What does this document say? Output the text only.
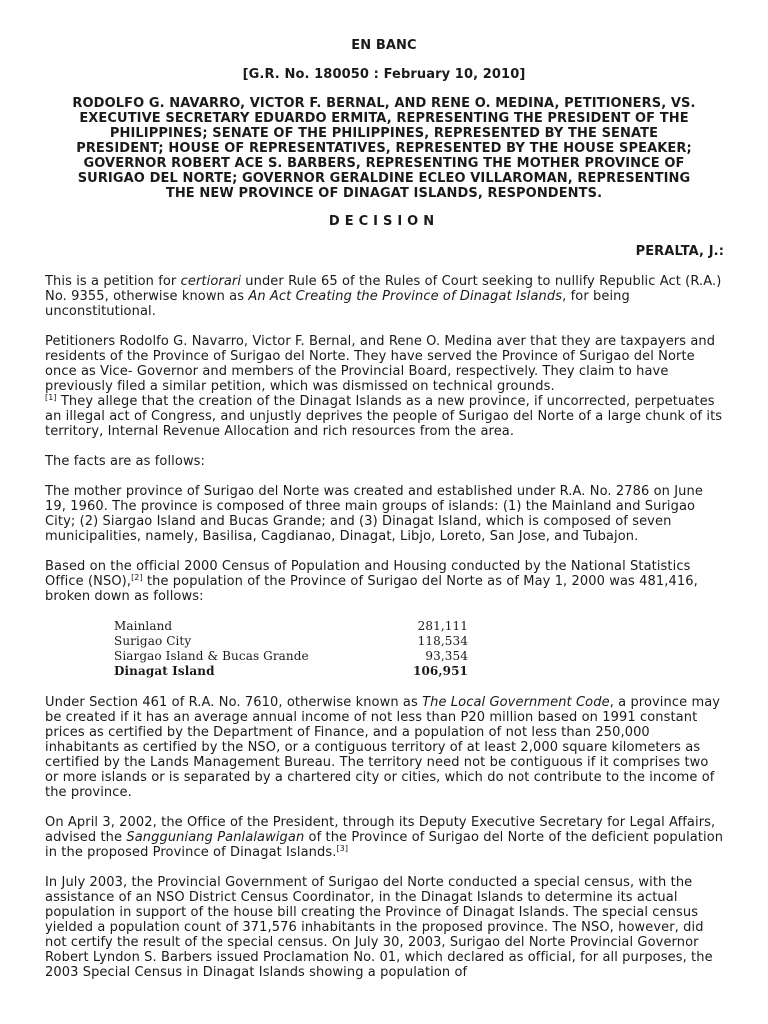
EN BANC
[G.R. No. 180050 : February 10, 2010]
RODOLFO G. NAVARRO, VICTOR F. BERNAL, AND RENE O. MEDINA, PETITIONERS, VS. EXECUTIVE SECRETARY EDUARDO ERMITA, REPRESENTING THE PRESIDENT OF THE PHILIPPINES; SENATE OF THE PHILIPPINES, REPRESENTED BY THE SENATE PRESIDENT; HOUSE OF REPRESENTATIVES, REPRESENTED BY THE HOUSE SPEAKER; GOVERNOR ROBERT ACE S. BARBERS, REPRESENTING THE MOTHER PROVINCE OF SURIGAO DEL NORTE; GOVERNOR GERALDINE ECLEO VILLAROMAN, REPRESENTING THE NEW PROVINCE OF DINAGAT ISLANDS, RESPONDENTS.
DECISION
PERALTA, J.:

This is a petition for certiorari under Rule 65 of the Rules of Court seeking to nullify Republic Act (R.A.) No. 9355, otherwise known as An Act Creating the Province of Dinagat Islands, for being unconstitutional.

Petitioners Rodolfo G. Navarro, Victor F. Bernal, and Rene O. Medina aver that they are taxpayers and residents of the Province of Surigao del Norte. They have served the Province of Surigao del Norte once as Vice- Governor and members of the Provincial Board, respectively. They claim to have previously filed a similar petition, which was dismissed on technical grounds.
[1] They allege that the creation of the Dinagat Islands as a new province, if uncorrected, perpetuates an illegal act of Congress, and unjustly deprives the people of Surigao del Norte of a large chunk of its territory, Internal Revenue Allocation and rich resources from the area.

The facts are as follows:

The mother province of Surigao del Norte was created and established under R.A. No. 2786 on June 19, 1960. The province is composed of three main groups of islands: (1) the Mainland and Surigao City; (2) Siargao Island and Bucas Grande; and (3) Dinagat Island, which is composed of seven municipalities, namely, Basilisa, Cagdianao, Dinagat, Libjo, Loreto, San Jose, and Tubajon.

Based on the official 2000 Census of Population and Housing conducted by the National Statistics Office (NSO),[2] the population of the Province of Surigao del Norte as of May 1, 2000 was 481,416, broken down as follows:

Mainland	281,111
Surigao City	118,534
Siargao Island & Bucas Grande	93,354
Dinagat Island	106,951

Under Section 461 of R.A. No. 7610, otherwise known as The Local Government Code, a province may be created if it has an average annual income of not less than P20 million based on 1991 constant prices as certified by the Department of Finance, and a population of not less than 250,000 inhabitants as certified by the NSO, or a contiguous territory of at least 2,000 square kilometers as certified by the Lands Management Bureau. The territory need not be contiguous if it comprises two or more islands or is separated by a chartered city or cities, which do not contribute to the income of the province.

On April 3, 2002, the Office of the President, through its Deputy Executive Secretary for Legal Affairs, advised the Sangguniang Panlalawigan of the Province of Surigao del Norte of the deficient population in the proposed Province of Dinagat Islands.[3]

In July 2003, the Provincial Government of Surigao del Norte conducted a special census, with the assistance of an NSO District Census Coordinator, in the Dinagat Islands to determine its actual population in support of the house bill creating the Province of Dinagat Islands. The special census yielded a population count of 371,576 inhabitants in the proposed province. The NSO, however, did not certify the result of the special census. On July 30, 2003, Surigao del Norte Provincial Governor Robert Lyndon S. Barbers issued Proclamation No. 01, which declared as official, for all purposes, the 2003 Special Census in Dinagat Islands showing a population of
